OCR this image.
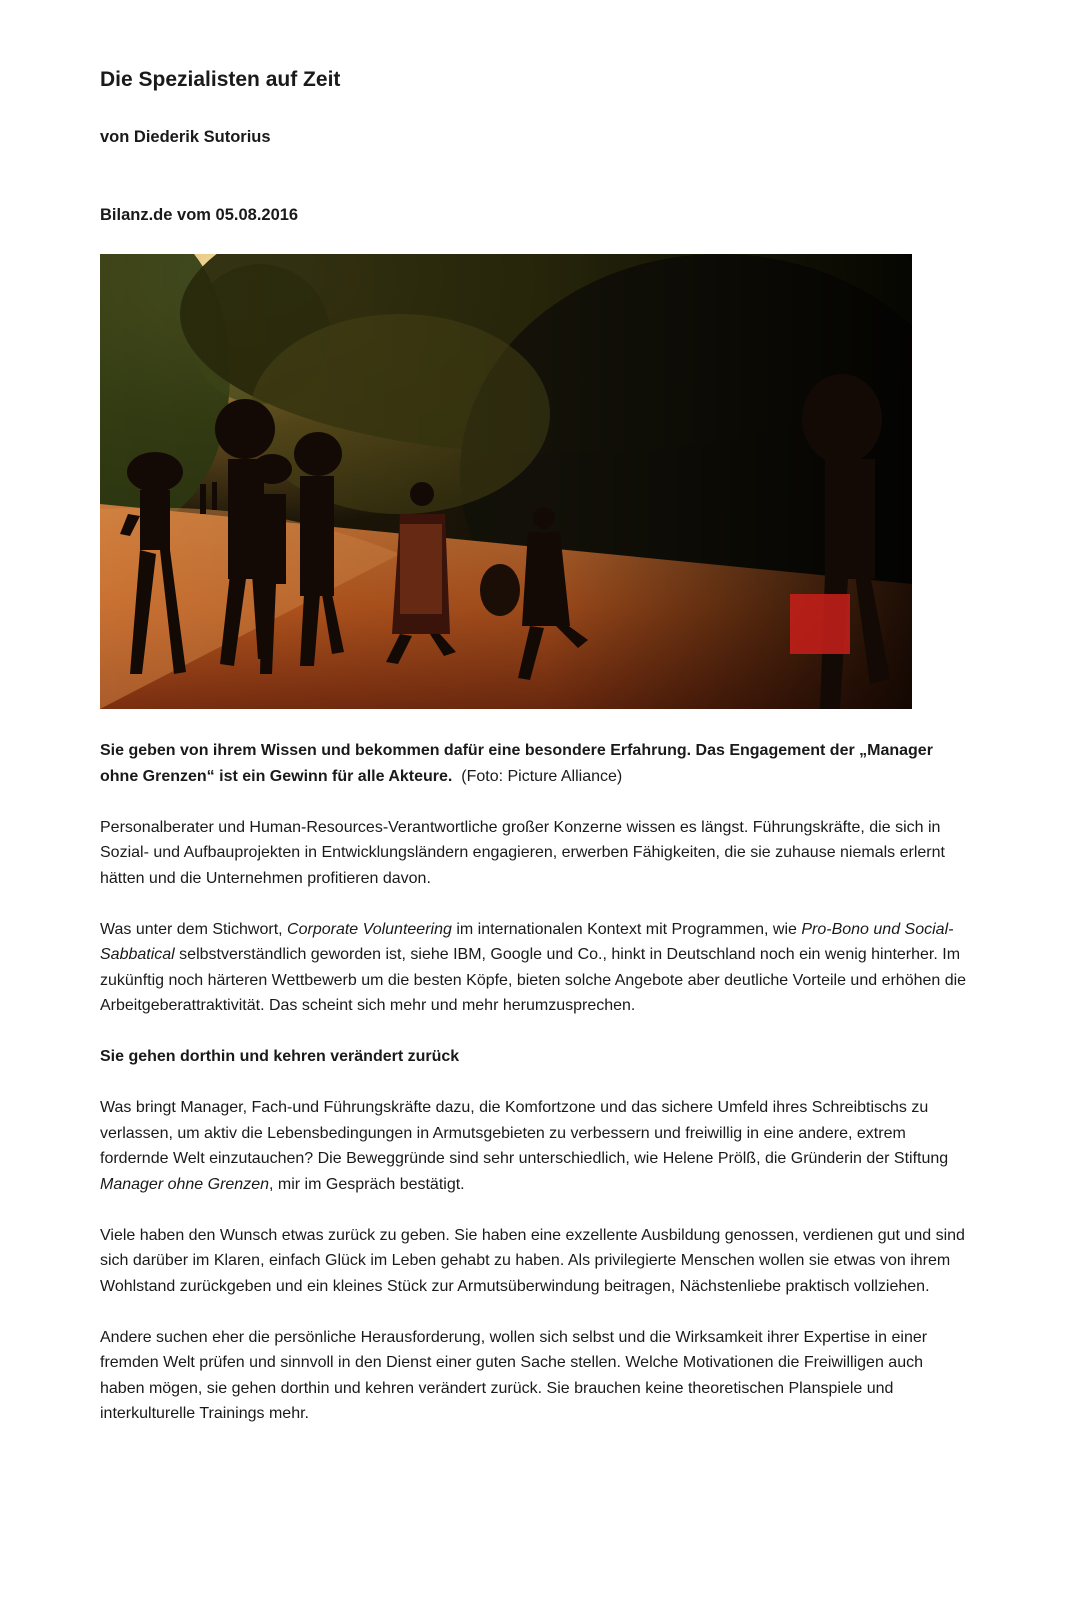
Die Spezialisten auf Zeit
von Diederik Sutorius
Bilanz.de vom 05.08.2016

Sie geben von ihrem Wissen und bekommen dafür eine besondere Erfahrung. Das Engagement der „Manager ohne Grenzen“ ist ein Gewinn für alle Akteure. (Foto: Picture Alliance)

Personalberater und Human-Resources-Verantwortliche großer Konzerne wissen es längst. Führungskräfte, die sich in Sozial- und Aufbauprojekten in Entwicklungsländern engagieren, erwerben Fähigkeiten, die sie zuhause niemals erlernt hätten und die Unternehmen profitieren davon.

Was unter dem Stichwort, Corporate Volunteering im internationalen Kontext mit Programmen, wie Pro-Bono und Social-Sabbatical selbstverständlich geworden ist, siehe IBM, Google und Co., hinkt in Deutschland noch ein wenig hinterher. Im zukünftig noch härteren Wettbewerb um die besten Köpfe, bieten solche Angebote aber deutliche Vorteile und erhöhen die Arbeitgeberattraktivität. Das scheint sich mehr und mehr herumzusprechen.

Sie gehen dorthin und kehren verändert zurück

Was bringt Manager, Fach-und Führungskräfte dazu, die Komfortzone und das sichere Umfeld ihres Schreibtischs zu verlassen, um aktiv die Lebensbedingungen in Armutsgebieten zu verbessern und freiwillig in eine andere, extrem fordernde Welt einzutauchen? Die Beweggründe sind sehr unterschiedlich, wie Helene Prölß, die Gründerin der Stiftung Manager ohne Grenzen, mir im Gespräch bestätigt.

Viele haben den Wunsch etwas zurück zu geben. Sie haben eine exzellente Ausbildung genossen, verdienen gut und sind sich darüber im Klaren, einfach Glück im Leben gehabt zu haben. Als privilegierte Menschen wollen sie etwas von ihrem Wohlstand zurückgeben und ein kleines Stück zur Armutsüberwindung beitragen, Nächstenliebe praktisch vollziehen.

Andere suchen eher die persönliche Herausforderung, wollen sich selbst und die Wirksamkeit ihrer Expertise in einer fremden Welt prüfen und sinnvoll in den Dienst einer guten Sache stellen. Welche Motivationen die Freiwilligen auch haben mögen, sie gehen dorthin und kehren verändert zurück. Sie brauchen keine theoretischen Planspiele und interkulturelle Trainings mehr.
